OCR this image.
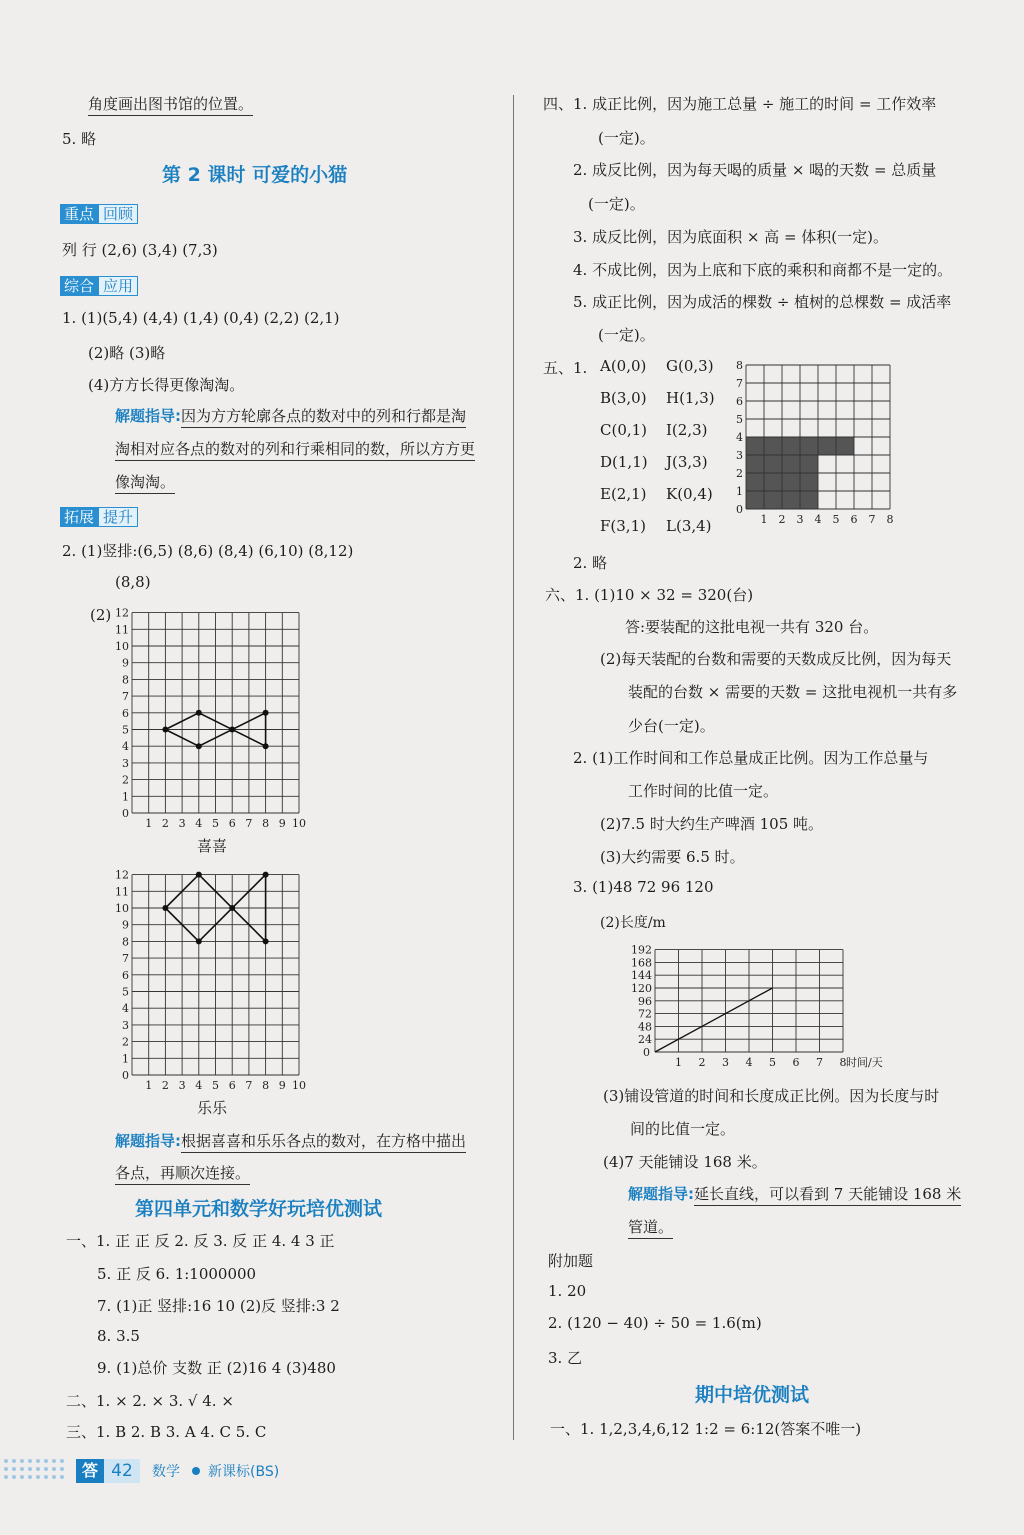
角度画出图书馆的位置。
5. 略
第 2 课时 可爱的小猫
重点 回顾
列 行 (2,6) (3,4) (7,3)
综合 应用
1. (1)(5,4) (4,4) (1,4) (0,4) (2,2) (2,1)
(2)略 (3)略
(4)方方长得更像淘淘。
解题指导:因为方方轮廓各点的数对中的列和行都是淘
淘相对应各点的数对的列和行乘相同的数，所以方方更
像淘淘。
拓展 提升
2. (1)竖排:(6,5) (8,6) (8,4) (6,10) (8,12)
(8,8)
(2)
1 2 3 4 5 6 7 8 9 10
0
1
2
3
4
5
6
7
8
9
10
11
12
喜喜
1 2 3 4 5 6 7 8 9 10
0
1
2
3
4
5
6
7
8
9
10
11
12
乐乐
解题指导:根据喜喜和乐乐各点的数对，在方格中描出
各点，再顺次连接。
第四单元和数学好玩培优测试
一、1. 正 正 反 2. 反 3. 反 正 4. 4 3 正
5. 正 反 6. 1:1000000
7. (1)正 竖排:16 10 (2)反 竖排:3 2
8. 3.5
9. (1)总价 支数 正 (2)16 4 (3)480
二、1. × 2. × 3. √ 4. ×
三、1. B 2. B 3. A 4. C 5. C
四、1. 成正比例，因为施工总量 ÷ 施工的时间 = 工作效率
(一定)。
2. 成反比例，因为每天喝的质量 × 喝的天数 = 总质量
(一定)。
3. 成反比例，因为底面积 × 高 = 体积(一定)。
4. 不成比例，因为上底和下底的乘积和商都不是一定的。
5. 成正比例，因为成活的棵数 ÷ 植树的总棵数 = 成活率
(一定)。
五、1. A(0,0)
B(3,0)
C(0,1)
D(1,1)
E(2,1)
F(3,1)
G(0,3)
H(1,3)
I(2,3)
J(3,3)
K(0,4)
L(3,4)	1 2 3 4 5 6 7 8
0
1
2
3
4
5
6
7
8
2. 略
六、1. (1)10 × 32 = 320(台)
答:要装配的这批电视一共有 320 台。
(2)每天装配的台数和需要的天数成反比例，因为每天
装配的台数 × 需要的天数 = 这批电视机一共有多
少台(一定)。
2. (1)工作时间和工作总量成正比例。因为工作总量与
工作时间的比值一定。
(2)7.5 时大约生产啤酒 105 吨。
(3)大约需要 6.5 时。
3. (1)48 72 96 120
(2)长度/m
0
1 2 3 4 5 6 7 8
24
48
72
96
120
144
168
192
时间/天
(3)铺设管道的时间和长度成正比例。因为长度与时
间的比值一定。
(4)7 天能铺设 168 米。
解题指导:延长直线，可以看到 7 天能铺设 168 米
管道。
附加题
1. 20
2. (120 − 40) ÷ 50 = 1.6(m)
3. 乙
期中培优测试
一、1. 1,2,3,4,6,12 1:2 = 6:12(答案不唯一)
答 42	数学 新课标(BS)
